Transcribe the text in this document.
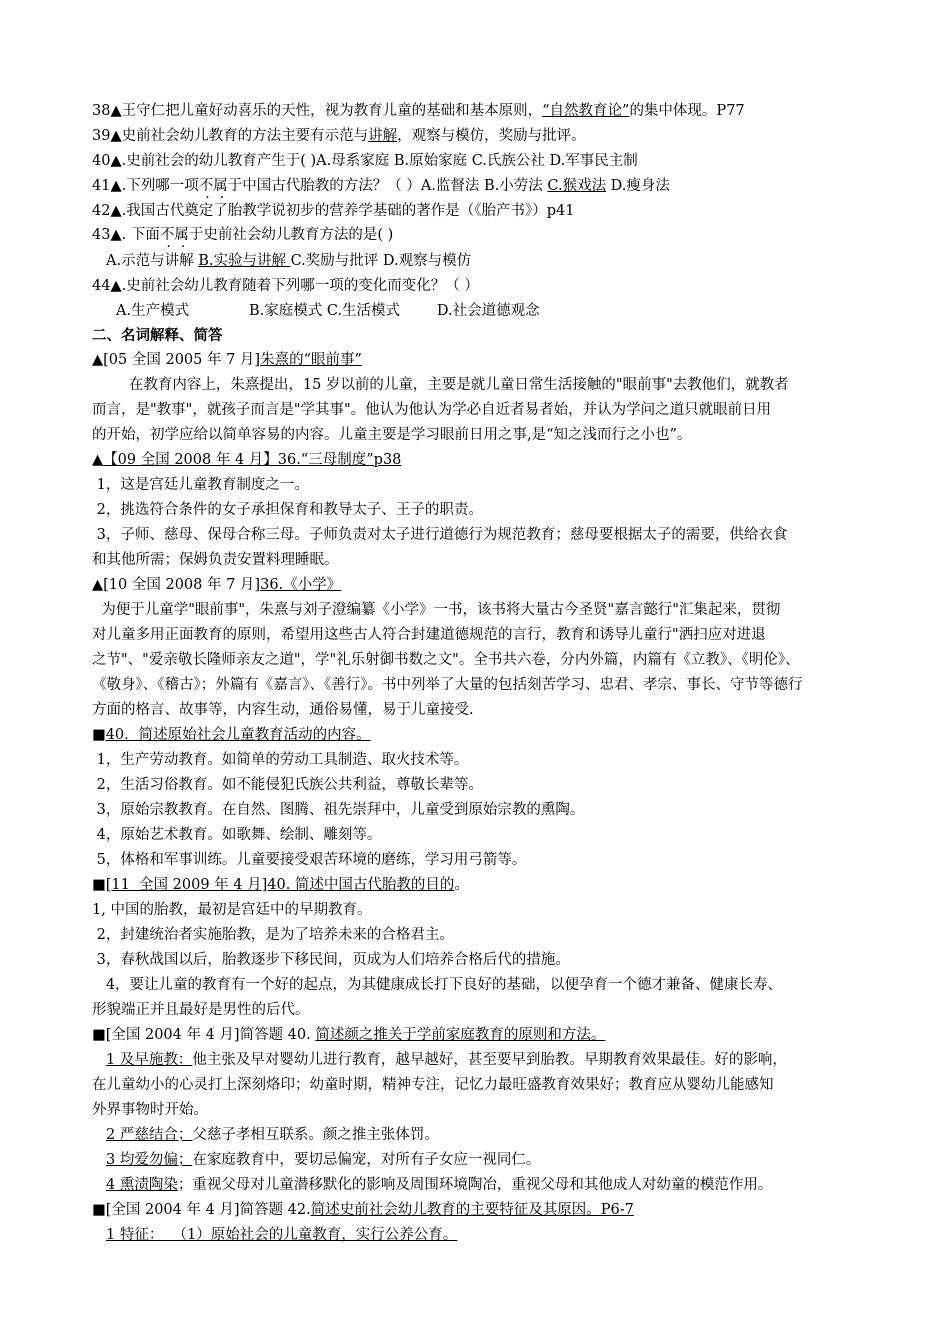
38▲王守仁把儿童好动喜乐的天性，视为教育儿童的基础和基本原则，“自然教育论”的集中体现。P77
39▲史前社会幼儿教育的方法主要有示范与讲解，观察与模仿，奖励与批评。
40▲.史前社会的幼儿教育产生于( )A.母系家庭 B.原始家庭 C.氏族公社 D.军事民主制
41▲.下列哪一项不属于中国古代胎教的方法？（ ）A.监督法 B.小劳法 C.猴戏法 D.瘦身法
42▲.我国古代奠定了胎教学说初步的营养学基础的著作是（《胎产书》）p41
43▲. 下面不属于史前社会幼儿教育方法的是( )
A.示范与讲解 B.实验与讲解 C.奖励与批评 D.观察与模仿
44▲.史前社会幼儿教育随着下列哪一项的变化而变化？（ ）
A.生产模式             B.家庭模式 C.生活模式        D.社会道德观念
二、名词解释、简答
▲[05 全国 2005 年 7 月]朱熹的“眼前事”
在教育内容上，朱熹提出，15 岁以前的儿童，主要是就儿童日常生活接触的"眼前事"去教他们，就教者
而言，是"教事"，就孩子而言是"学其事"。他认为他认为学必自近者易者始，并认为学问之道只就眼前日用
的开始，初学应给以简单容易的内容。儿童主要是学习眼前日用之事,是“知之浅而行之小也”。
▲【09 全国 2008 年 4 月】36.“三母制度”p38
1，这是宫廷儿童教育制度之一。
2，挑选符合条件的女子承担保育和教导太子、王子的职责。
3，子师、慈母、保母合称三母。子师负责对太子进行道德行为规范教育；慈母要根据太子的需要，供给衣食
和其他所需；保姆负责安置料理睡眠。
▲[10 全国 2008 年 7 月]36.《小学》
为便于儿童学"眼前事"，朱熹与刘子澄编纂《小学》一书，该书将大量古今圣贤"嘉言懿行"汇集起来，贯彻
对儿童多用正面教育的原则，希望用这些古人符合封建道德规范的言行，教育和诱导儿童行"洒扫应对进退
之节"、"爱亲敬长隆师亲友之道"，学"礼乐射御书数之文"。全书共六卷，分内外篇，内篇有《立教》、《明伦》、
《敬身》、《稽古》；外篇有《嘉言》、《善行》。书中列举了大量的包括刻苦学习、忠君、孝宗、事长、守节等德行
方面的格言、故事等，内容生动，通俗易懂，易于儿童接受.
■40．简述原始社会儿童教育活动的内容。
1，生产劳动教育。如简单的劳动工具制造、取火技术等。
2，生活习俗教育。如不能侵犯氏族公共利益，尊敬长辈等。
3，原始宗教教育。在自然、图腾、祖先崇拜中，儿童受到原始宗教的熏陶。
4，原始艺术教育。如歌舞、绘制、雕刻等。
5，体格和军事训练。儿童要接受艰苦环境的磨练，学习用弓箭等。
■[11  全国 2009 年 4 月]40. 简述中国古代胎教的目的。
1, 中国的胎教，最初是宫廷中的早期教育。
2，封建统治者实施胎教，是为了培养未来的合格君主。
3，春秋战国以后，胎教逐步下移民间，页成为人们培养合格后代的措施。
4，要让儿童的教育有一个好的起点，为其健康成长打下良好的基础，以便孕育一个德才兼备、健康长寿、
形貌端正并且最好是男性的后代。
■[全国 2004 年 4 月]简答题 40. 简述颜之推关于学前家庭教育的原则和方法。
1 及早施教：他主张及早对婴幼儿进行教育，越早越好，甚至要早到胎教。早期教育效果最佳。好的影响，
在儿童幼小的心灵打上深刻烙印；幼童时期，精神专注，记忆力最旺盛教育效果好；教育应从婴幼儿能感知
外界事物时开始。
2 严慈结合；父慈子孝相互联系。颜之推主张体罚。
3 均爱勿偏；在家庭教育中，要切忌偏宠，对所有子女应一视同仁。
4 熏渍陶染；重视父母对儿童潜移默化的影响及周围环境陶冶，重视父母和其他成人对幼童的模范作用。
■[全国 2004 年 4 月]简答题 42.简述史前社会幼儿教育的主要特征及其原因。P6-7
1 特征：  （1）原始社会的儿童教育，实行公养公育。
